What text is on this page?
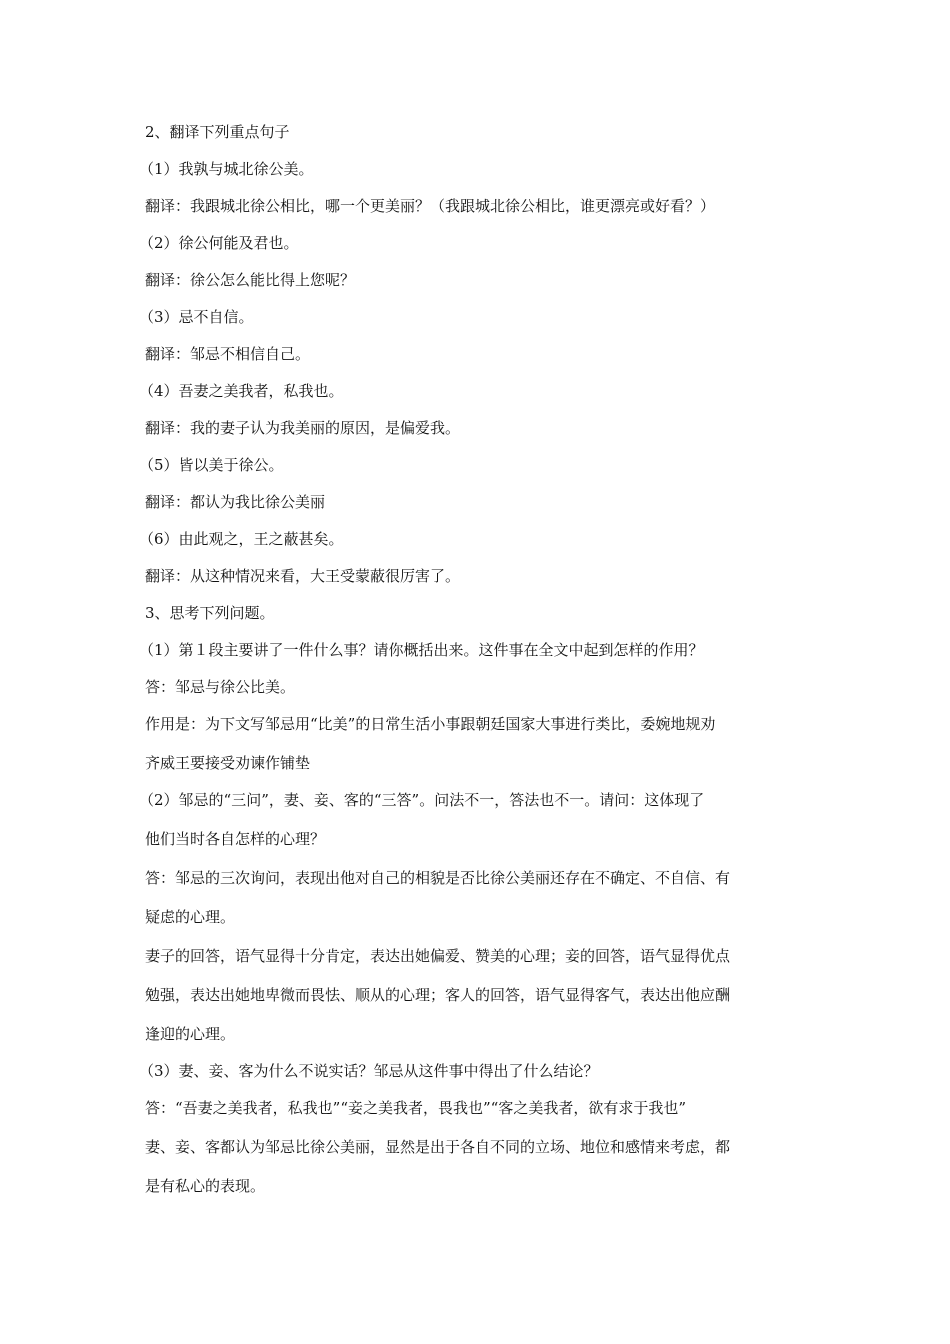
2、翻译下列重点句子

（1）我孰与城北徐公美。

翻译：我跟城北徐公相比，哪一个更美丽？（我跟城北徐公相比，谁更漂亮或好看？）

（2）徐公何能及君也。

翻译：徐公怎么能比得上您呢？

（3）忌不自信。

翻译：邹忌不相信自己。

（4）吾妻之美我者，私我也。

翻译：我的妻子认为我美丽的原因，是偏爱我。

（5）皆以美于徐公。

翻译：都认为我比徐公美丽

（6）由此观之，王之蔽甚矣。

翻译：从这种情况来看，大王受蒙蔽很厉害了。

3、思考下列问题。

（1）第１段主要讲了一件什么事？请你概括出来。这件事在全文中起到怎样的作用？

答：邹忌与徐公比美。

作用是：为下文写邹忌用“比美”的日常生活小事跟朝廷国家大事进行类比，委婉地规劝

齐威王要接受劝谏作铺垫

（2）邹忌的“三问”，妻、妾、客的“三答”。问法不一，答法也不一。请问：这体现了

他们当时各自怎样的心理？

答：邹忌的三次询问，表现出他对自己的相貌是否比徐公美丽还存在不确定、不自信、有

疑虑的心理。

妻子的回答，语气显得十分肯定，表达出她偏爱、赞美的心理；妾的回答，语气显得优点

勉强，表达出她地卑微而畏怯、顺从的心理；客人的回答，语气显得客气，表达出他应酬

逢迎的心理。

（3）妻、妾、客为什么不说实话？邹忌从这件事中得出了什么结论？

答：“吾妻之美我者，私我也”“妾之美我者，畏我也”“客之美我者，欲有求于我也”

妻、妾、客都认为邹忌比徐公美丽，显然是出于各自不同的立场、地位和感情来考虑，都

是有私心的表现。
